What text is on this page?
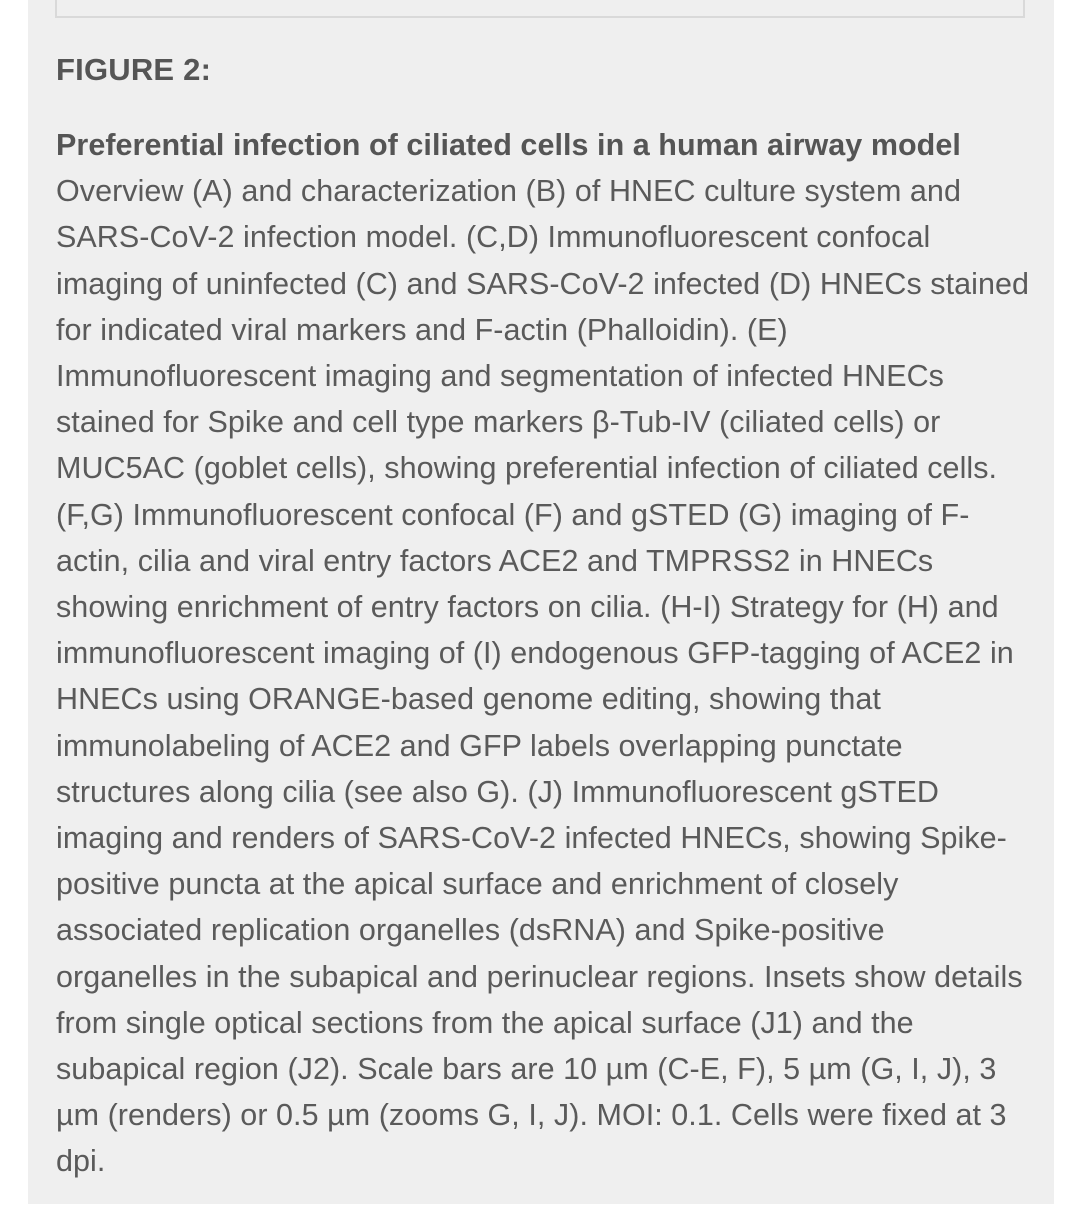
FIGURE 2:

Preferential infection of ciliated cells in a human airway model
Overview (A) and characterization (B) of HNEC culture system and SARS-CoV-2 infection model. (C,D) Immunofluorescent confocal imaging of uninfected (C) and SARS-CoV-2 infected (D) HNECs stained for indicated viral markers and F-actin (Phalloidin). (E) Immunofluorescent imaging and segmentation of infected HNECs stained for Spike and cell type markers β-Tub-IV (ciliated cells) or MUC5AC (goblet cells), showing preferential infection of ciliated cells. (F,G) Immunofluorescent confocal (F) and gSTED (G) imaging of F-actin, cilia and viral entry factors ACE2 and TMPRSS2 in HNECs showing enrichment of entry factors on cilia. (H-I) Strategy for (H) and immunofluorescent imaging of (I) endogenous GFP-tagging of ACE2 in HNECs using ORANGE-based genome editing, showing that immunolabeling of ACE2 and GFP labels overlapping punctate structures along cilia (see also G). (J) Immunofluorescent gSTED imaging and renders of SARS-CoV-2 infected HNECs, showing Spike-positive puncta at the apical surface and enrichment of closely associated replication organelles (dsRNA) and Spike-positive organelles in the subapical and perinuclear regions. Insets show details from single optical sections from the apical surface (J1) and the subapical region (J2). Scale bars are 10 µm (C-E, F), 5 µm (G, I, J), 3 µm (renders) or 0.5 µm (zooms G, I, J). MOI: 0.1. Cells were fixed at 3 dpi.
